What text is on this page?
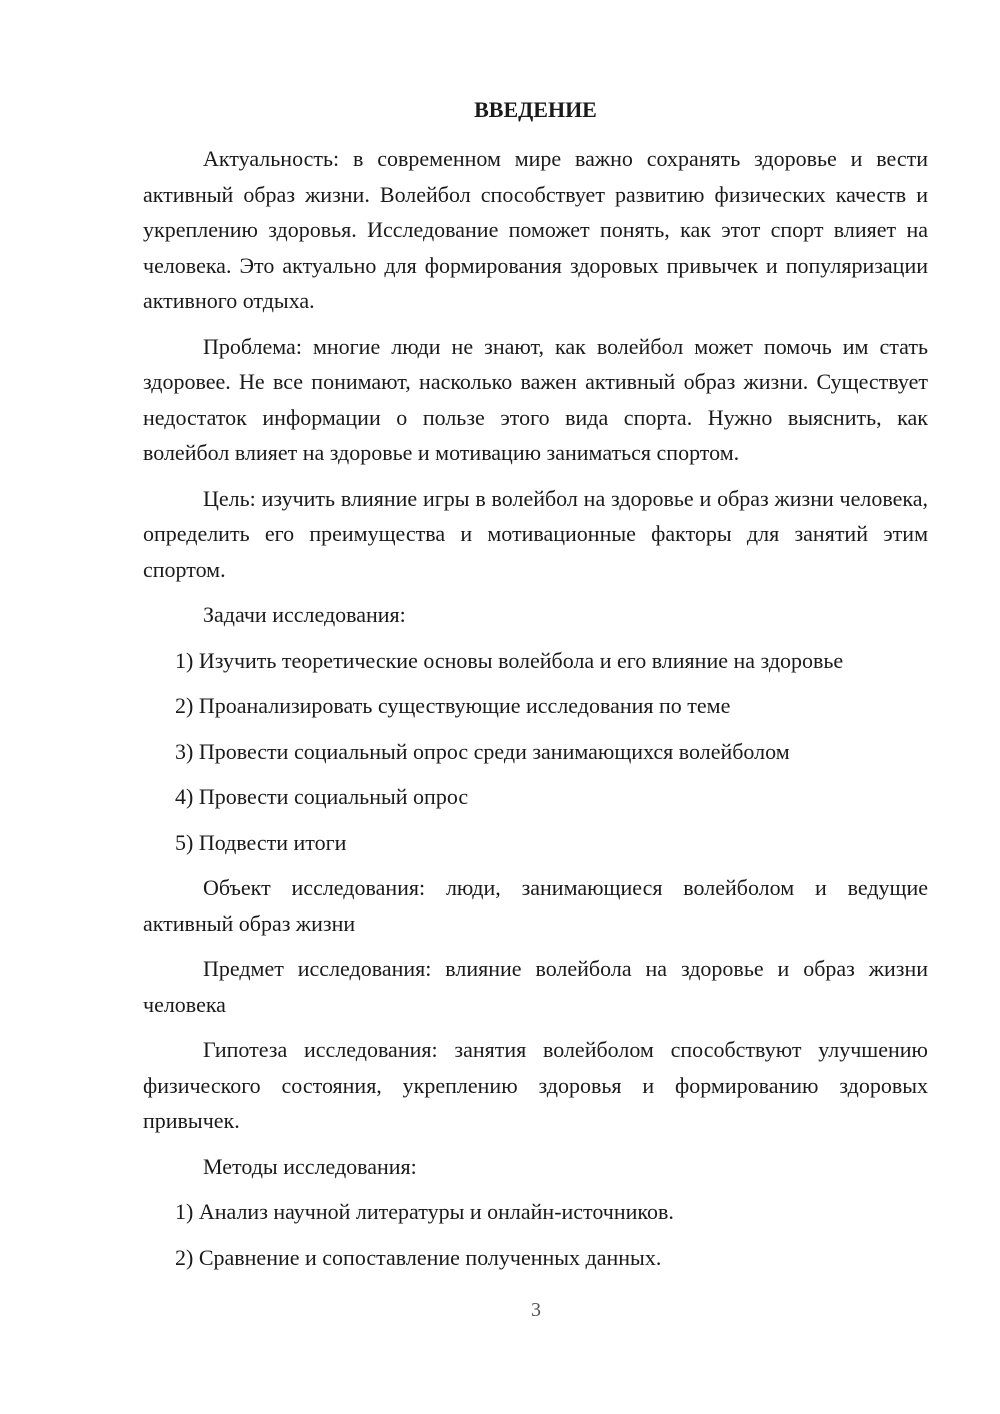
ВВЕДЕНИЕ

Актуальность: в современном мире важно сохранять здоровье и вести активный образ жизни. Волейбол способствует развитию физических качеств и укреплению здоровья. Исследование поможет понять, как этот спорт влияет на человека. Это актуально для формирования здоровых привычек и популяризации активного отдыха.

Проблема: многие люди не знают, как волейбол может помочь им стать здоровее. Не все понимают, насколько важен активный образ жизни. Существует недостаток информации о пользе этого вида спорта. Нужно выяснить, как волейбол влияет на здоровье и мотивацию заниматься спортом.

Цель: изучить влияние игры в волейбол на здоровье и образ жизни человека, определить его преимущества и мотивационные факторы для занятий этим спортом.

Задачи исследования:

1) Изучить теоретические основы волейбола и его влияние на здоровье
2) Проанализировать существующие исследования по теме
3) Провести социальный опрос среди занимающихся волейболом
4) Провести социальный опрос
5) Подвести итоги

Объект исследования: люди, занимающиеся волейболом и ведущие активный образ жизни

Предмет исследования: влияние волейбола на здоровье и образ жизни человека

Гипотеза исследования: занятия волейболом способствуют улучшению физического состояния, укреплению здоровья и формированию здоровых привычек.

Методы исследования:

1) Анализ научной литературы и онлайн-источников.
2) Сравнение и сопоставление полученных данных.
3
